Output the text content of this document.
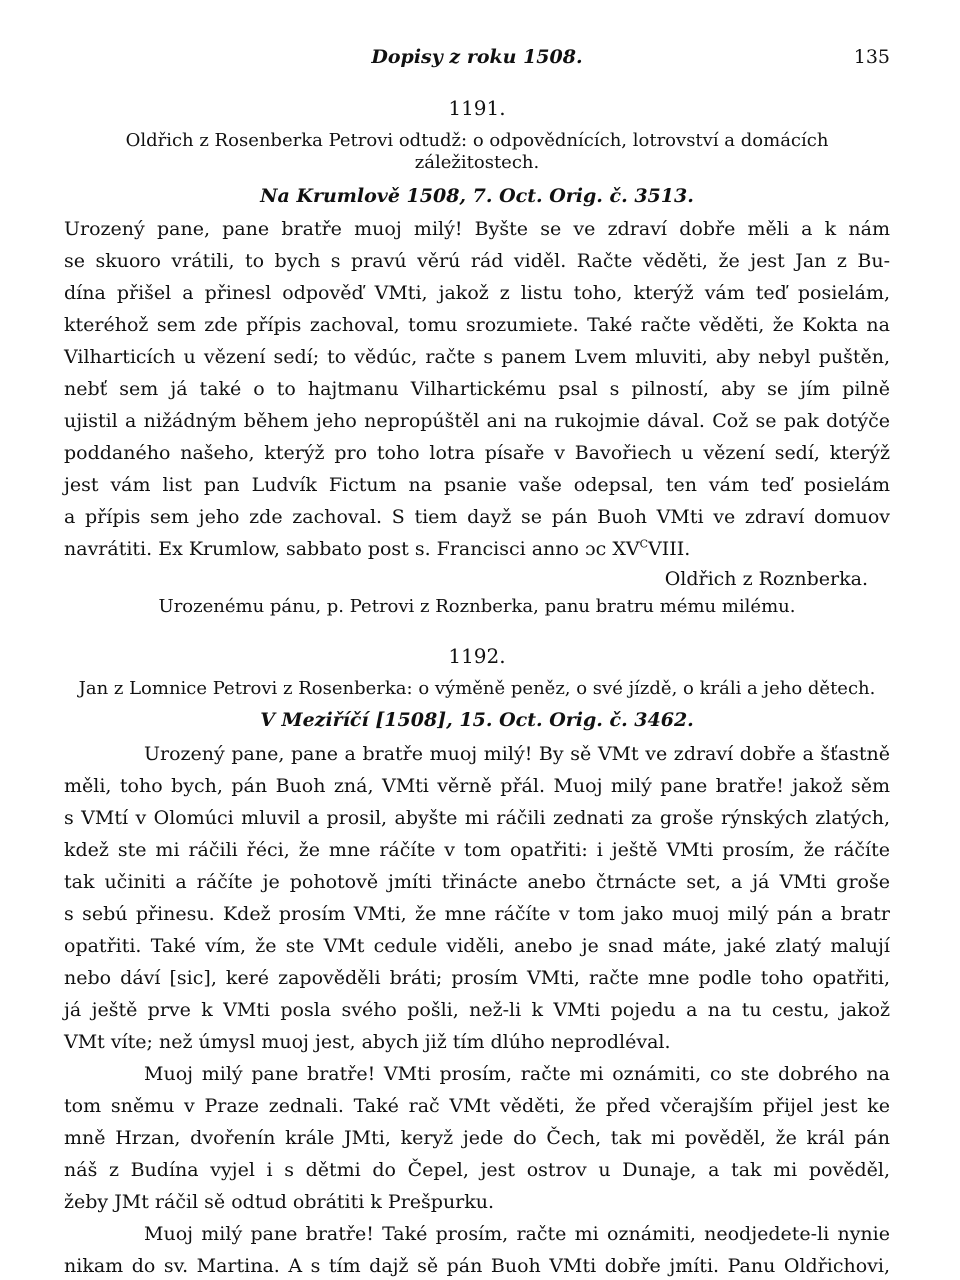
Dopisy z roku 1508.	135
1191.
Oldřich z Rosenberka Petrovi odtudž: o odpovědnících, lotrovství a domácích
záležitostech.
Na Krumlově 1508, 7. Oct. Orig. č. 3513.
Urozený pane, pane bratře muoj milý! Byšte se ve zdraví dobře měli a k nám
se skuoro vrátili, to bych s pravú věrú rád viděl. Račte věděti, že jest Jan z Bu-
dína přišel a přinesl odpověď VMti, jakož z listu toho, kterýž vám teď posielám,
kteréhož sem zde přípis zachoval, tomu srozumiete. Také račte věděti, že Kokta na
Vilharticích u vězení sedí; to vědúc, račte s panem Lvem mluviti, aby nebyl puštěn,
nebť sem já také o to hajtmanu Vilhartickému psal s pilností, aby se jím pilně
ujistil a nižádným během jeho nepropúštěl ani na rukojmie dával. Což se pak dotýče
poddaného našeho, kterýž pro toho lotra písaře v Bavořiech u vězení sedí, kterýž
jest vám list pan Ludvík Fictum na psanie vaše odepsal, ten vám teď posielám
a přípis sem jeho zde zachoval. S tiem dayž se pán Buoh VMti ve zdraví domuov
navrátiti. Ex Krumlow, sabbato post s. Francisci anno ɔc $XV^CVIII$.
Oldřich z Roznberka.
Urozenému pánu, p. Petrovi z Roznberka, panu bratru mému milému.
1192.
Jan z Lomnice Petrovi z Rosenberka: o výměně peněz, o své jízdě, o králi a jeho dětech.
V Meziříčí [1508], 15. Oct. Orig. č. 3462.
Urozený pane, pane a bratře muoj milý! By sě VMt ve zdraví dobře a šťastně
měli, toho bych, pán Buoh zná, VMti věrně přál. Muoj milý pane bratře! jakož sěm
s VMtí v Olomúci mluvil a prosil, abyšte mi ráčili zednati za groše rýnských zlatých,
kdež ste mi ráčili řéci, že mne ráčíte v tom opatřiti: i ještě VMti prosím, že ráčíte
tak učiniti a ráčíte je pohotově jmíti třinácte anebo čtrnácte set, a já VMti groše
s sebú přinesu. Kdež prosím VMti, že mne ráčíte v tom jako muoj milý pán a bratr
opatřiti. Také vím, že ste VMt cedule viděli, anebo je snad máte, jaké zlatý malují
nebo dáví [sic], keré zapověděli bráti; prosím VMti, račte mne podle toho opatřiti,
já ještě prve k VMti posla svého pošli, než-li k VMti pojedu a na tu cestu, jakož
VMt víte; než úmysl muoj jest, abych již tím dlúho neprodléval.
Muoj milý pane bratře! VMti prosím, račte mi oznámiti, co ste dobrého na
tom sněmu v Praze zednali. Také rač VMt věděti, že před včerajším přijel jest ke
mně Hrzan, dvořenín krále JMti, keryž jede do Čech, tak mi pověděl, že král pán
náš z Budína vyjel i s dětmi do Čepel, jest ostrov u Dunaje, a tak mi pověděl,
žeby JMt ráčil sě odtud obrátiti k Prešpurku.
Muoj milý pane bratře! Také prosím, račte mi oznámiti, neodjedete-li nynie
nikam do sv. Martina. A s tím dajž sě pán Buoh VMti dobře jmíti. Panu Oldřichovi,
